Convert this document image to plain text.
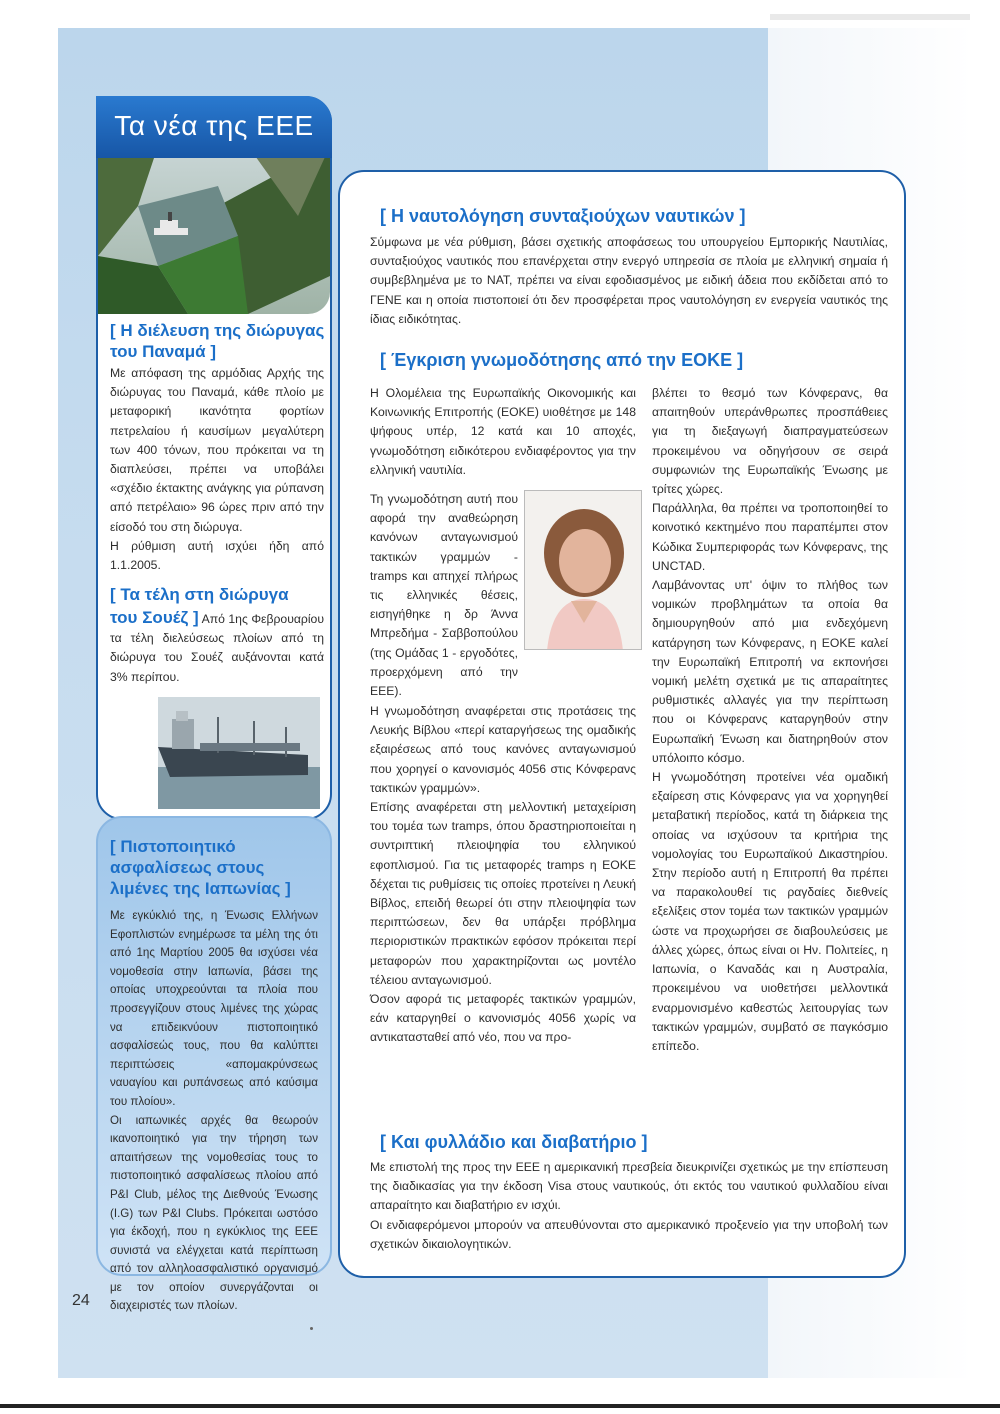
Τα νέα της ΕΕΕ
[ Η διέλευση της διώρυγας του Παναμά ]

Με απόφαση της αρμόδιας Αρχής της διώρυγας του Παναμά, κάθε πλοίο με μεταφορική ικανότητα φορτίων πετρελαίου ή καυσίμων μεγαλύτερη των 400 τόνων, που πρόκειται να τη διαπλεύσει, πρέπει να υποβάλει «σχέδιο έκτακτης ανάγκης για ρύπανση από πετρέλαιο» 96 ώρες πριν από την είσοδό του στη διώρυγα.

Η ρύθμιση αυτή ισχύει ήδη από 1.1.2005.

[ Τα τέλη στη διώρυγα
του Σουέζ ] Από 1ης Φεβρουαρίου τα τέλη διελεύσεως πλοίων από τη διώρυγα του Σουέζ αυξάνονται κατά 3% περίπου.
[ Πιστοποιητικό ασφαλίσεως στους λιμένες της Ιαπωνίας ]

Με εγκύκλιό της, η Ένωσις Ελλήνων Εφοπλιστών ενημέρωσε τα μέλη της ότι από 1ης Μαρτίου 2005 θα ισχύσει νέα νομοθεσία στην Ιαπωνία, βάσει της οποίας υποχρεούνται τα πλοία που προσεγγίζουν στους λιμένες της χώρας να επιδεικνύουν πιστοποιητικό ασφαλίσεώς τους, που θα καλύπτει περιπτώσεις «απομακρύνσεως ναυαγίου και ρυπάνσεως από καύσιμα του πλοίου».

Οι ιαπωνικές αρχές θα θεωρούν ικανοποιητικό για την τήρηση των απαιτήσεων της νομοθεσίας τους το πιστοποιητικό ασφαλίσεως πλοίου από P&I Club, μέλος της Διεθνούς Ένωσης (I.G) των P&I Clubs. Πρόκειται ωστόσο για έκδοχή, που η εγκύκλιος της ΕΕΕ συνιστά να ελέγχεται κατά περίπτωση από τον αλληλοασφαλιστικό οργανισμό με τον οποίον συνεργάζονται οι διαχειριστές των πλοίων.

[ Η ναυτολόγηση συνταξιούχων ναυτικών ]
Σύμφωνα με νέα ρύθμιση, βάσει σχετικής αποφάσεως του υπουργείου Εμπορικής Ναυτιλίας, συνταξιούχος ναυτικός που επανέρχεται στην ενεργό υπηρεσία σε πλοία με ελληνική σημαία ή συμβεβλημένα με το ΝΑΤ, πρέπει να είναι εφοδιασμένος με ειδική άδεια που εκδίδεται από το ΓΕΝΕ και η οποία πιστοποιεί ότι δεν προσφέρεται προς ναυτολόγηση εν ενεργεία ναυτικός της ίδιας ειδικότητας.
[ Έγκριση γνωμοδότησης από την ΕΟΚΕ ]
Η Ολομέλεια της Ευρωπαϊκής Οικονομικής και Κοινωνικής Επιτροπής (ΕΟΚΕ) υιοθέτησε με 148 ψήφους υπέρ, 12 κατά και 10 αποχές, γνωμοδότηση ειδικότερου ενδιαφέροντος για την ελληνική ναυτιλία.
Τη γνωμοδότηση αυτή που αφορά την αναθεώρηση κανόνων ανταγωνισμού τακτικών γραμμών - tramps και απηχεί πλήρως τις ελληνικές θέσεις, εισηγήθηκε η δρ Άννα Μπρεδήμα - Σαββοπούλου (της Ομάδας 1 - εργοδότες, προερχόμενη από την ΕΕΕ).

Η γνωμοδότηση αναφέρεται στις προτάσεις της Λευκής Βίβλου «περί καταργήσεως της ομαδικής εξαιρέσεως από τους κανόνες ανταγωνισμού που χορηγεί ο κανονισμός 4056 στις Κόνφερανς τακτικών γραμμών».

Επίσης αναφέρεται στη μελλοντική μεταχείριση του τομέα των tramps, όπου δραστηριοποιείται η συντριπτική πλειοψηφία του ελληνικού εφοπλισμού. Για τις μεταφορές tramps η ΕΟΚΕ δέχεται τις ρυθμίσεις τις οποίες προτείνει η Λευκή Βίβλος, επειδή θεωρεί ότι στην πλειοψηφία των περιπτώσεων, δεν θα υπάρξει πρόβλημα περιοριστικών πρακτικών εφόσον πρόκειται περί μεταφορών που χαρακτηρίζονται ως μοντέλο τέλειου ανταγωνισμού.

Όσον αφορά τις μεταφορές τακτικών γραμμών, εάν καταργηθεί ο κανονισμός 4056 χωρίς να αντικατασταθεί από νέο, που να προ-

βλέπει το θεσμό των Κόνφερανς, θα απαιτηθούν υπεράνθρωπες προσπάθειες για τη διεξαγωγή διαπραγματεύσεων προκειμένου να οδηγήσουν σε σειρά συμφωνιών της Ευρωπαϊκής Ένωσης με τρίτες χώρες.

Παράλληλα, θα πρέπει να τροποποιηθεί το κοινοτικό κεκτημένο που παραπέμπει στον Κώδικα Συμπεριφοράς των Κόνφερανς, της UNCTAD.

Λαμβάνοντας υπ' όψιν το πλήθος των νομικών προβλημάτων τα οποία θα δημιουργηθούν από μια ενδεχόμενη κατάργηση των Κόνφερανς, η ΕΟΚΕ καλεί την Ευρωπαϊκή Επιτροπή να εκπονήσει νομική μελέτη σχετικά με τις απαραίτητες ρυθμιστικές αλλαγές για την περίπτωση που οι Κόνφερανς καταργηθούν στην Ευρωπαϊκή Ένωση και διατηρηθούν στον υπόλοιπο κόσμο.

Η γνωμοδότηση προτείνει νέα ομαδική εξαίρεση στις Κόνφερανς για να χορηγηθεί μεταβατική περίοδος, κατά τη διάρκεια της οποίας να ισχύσουν τα κριτήρια της νομολογίας του Ευρωπαϊκού Δικαστηρίου. Στην περίοδο αυτή η Επιτροπή θα πρέπει να παρακολουθεί τις ραγδαίες διεθνείς εξελίξεις στον τομέα των τακτικών γραμμών ώστε να προχωρήσει σε διαβουλεύσεις με άλλες χώρες, όπως είναι οι Ην. Πολιτείες, η Ιαπωνία, ο Καναδάς και η Αυστραλία, προκειμένου να υιοθετήσει μελλοντικά εναρμονισμένο καθεστώς λειτουργίας των τακτικών γραμμών, συμβατό σε παγκόσμιο επίπεδο.

[ Και φυλλάδιο και διαβατήριο ]

Με επιστολή της προς την ΕΕΕ η αμερικανική πρεσβεία διευκρινίζει σχετικώς με την επίσπευση της διαδικασίας για την έκδοση Visa στους ναυτικούς, ότι εκτός του ναυτικού φυλλαδίου είναι απαραίτητο και διαβατήριο εν ισχύι.

Οι ενδιαφερόμενοι μπορούν να απευθύνονται στο αμερικανικό προξενείο για την υποβολή των σχετικών δικαιολογητικών.

24
